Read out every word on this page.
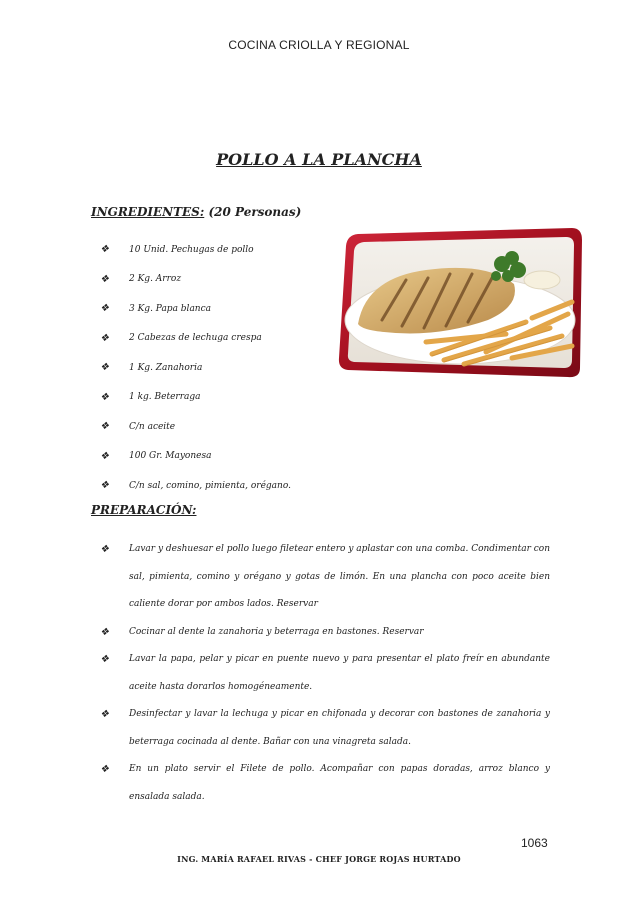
COCINA CRIOLLA Y REGIONAL
POLLO A LA PLANCHA
INGREDIENTES: (20 Personas)
❖ 10 Unid. Pechugas de pollo
❖ 2 Kg. Arroz
❖ 3 Kg. Papa blanca
❖ 2 Cabezas de lechuga crespa
❖ 1 Kg. Zanahoria
❖ 1 kg. Beterraga
❖ C/n aceite
❖ 100 Gr. Mayonesa
❖ C/n sal, comino, pimienta, orégano.
PREPARACIÓN:
❖ Lavar y deshuesar el pollo luego filetear entero y aplastar con una comba. Condimentar con sal, pimienta, comino y orégano y gotas de limón. En una plancha con poco aceite bien caliente dorar por ambos lados. Reservar
❖ Cocinar al dente la zanahoria y beterraga en bastones. Reservar
❖ Lavar la papa, pelar y picar en puente nuevo y para presentar el plato freír en abundante aceite hasta dorarlos homogéneamente.
❖ Desinfectar y lavar la lechuga y picar en chifonada y decorar con bastones de zanahoria y beterraga cocinada al dente. Bañar con una vinagreta salada.
❖ En un plato servir el Filete de pollo. Acompañar con papas doradas, arroz blanco y ensalada salada.
1063
ING. MARÍA RAFAEL RIVAS - CHEF JORGE ROJAS HURTADO
